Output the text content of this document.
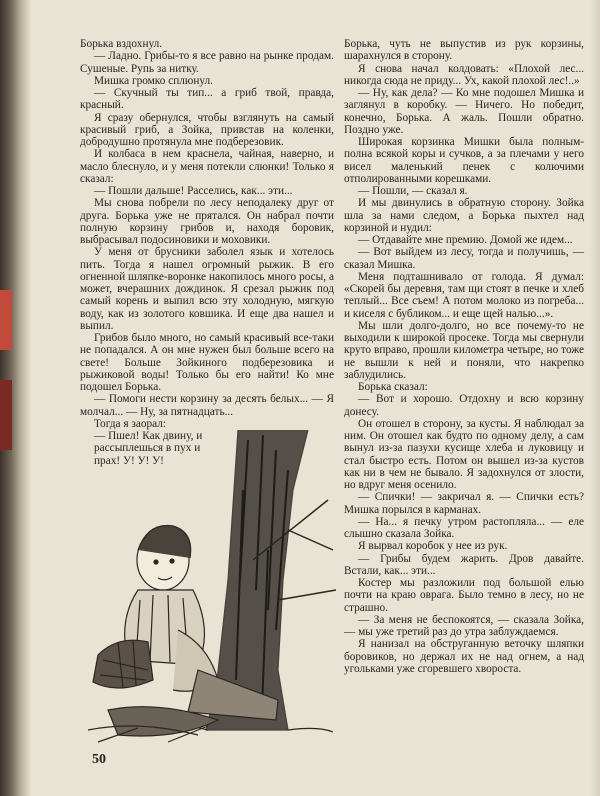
Борька вздохнул.

— Ладно. Грибы-то я все равно на рынке продам. Сушеные. Рупь за нитку.

Мишка громко сплюнул.

— Скучный ты тип... а гриб твой, правда, красный.

Я сразу обернулся, чтобы взглянуть на самый красивый гриб, а Зойка, привстав на коленки, добродушно протянула мне подберезовик.

И колбаса в нем краснела, чайная, наверно, и масло блеснуло, и у меня потекли слюнки! Только я сказал:

— Пошли дальше! Расселись, как... эти...

Мы снова побрели по лесу неподалеку друг от друга. Борька уже не прятался. Он набрал почти полную корзину грибов и, находя боровик, выбрасывал подосиновики и моховики.

У меня от брусники заболел язык и хотелось пить. Тогда я нашел огромный рыжик. В его огненной шляпке-воронке накопилось много росы, а может, вчерашних дождинок. Я срезал рыжик под самый корень и выпил всю эту холодную, мягкую воду, как из золотого ковшика. И еще два нашел и выпил.

Грибов было много, но самый красивый все-таки не попадался. А он мне нужен был больше всего на свете! Больше Зойкиного подберезовика и рыжиковой воды! Только бы его найти! Ко мне подошел Борька.

— Помоги нести корзину за десять белых... — Я молчал... — Ну, за пятнадцать...

Тогда я заорал:

— Пшел! Как двину, и рассыплешься в пух и прах! У! У! У!

Борька, чуть не выпустив из рук корзины, шарахнулся в сторону.

Я снова начал колдовать: «Плохой лес... никогда сюда не приду... Ух, какой плохой лес!..»

— Ну, как дела? — Ко мне подошел Мишка и заглянул в коробку. — Ничего. Но победит, конечно, Борька. А жаль. Пошли обратно. Поздно уже.

Широкая корзинка Мишки была полным-полна всякой коры и сучков, а за плечами у него висел маленький пенек с колючими отполированными корешками.

— Пошли, — сказал я.

И мы двинулись в обратную сторону. Зойка шла за нами следом, а Борька пыхтел над корзиной и нудил:

— Отдавайте мне премию. Домой же идем...

— Вот выйдем из лесу, тогда и получишь, — сказал Мишка.

Меня подташнивало от голода. Я думал: «Скорей бы деревня, там щи стоят в печке и хлеб теплый... Все съем! А потом молоко из погреба... и киселя с бубликом... и еще щей налью...».

Мы шли долго-долго, но все почему-то не выходили к широкой просеке. Тогда мы свернули круто вправо, прошли километра четыре, но тоже не вышли к ней и поняли, что накрепко заблудились.

Борька сказал:

— Вот и хорошо. Отдохну и всю корзину донесу.

Он отошел в сторону, за кусты. Я наблюдал за ним. Он отошел как будто по одному делу, а сам вынул из-за пазухи кусище хлеба и луковицу и стал быстро есть. Потом он вышел из-за кустов как ни в чем не бывало. Я задохнулся от злости, но вдруг меня осенило.

— Спички! — закричал я. — Спички есть? Мишка порылся в карманах.

— На... я печку утром растопляла... — еле слышно сказала Зойка.

Я вырвал коробок у нее из рук.

— Грибы будем жарить. Дров давайте. Встали, как... эти...

Костер мы разложили под большой елью почти на краю оврага. Было темно в лесу, но не страшно.

— За меня не беспокоятся, — сказала Зойка, — мы уже третий раз до утра заблуждаемся.

Я нанизал на обструганную веточку шляпки боровиков, но держал их не над огнем, а над угольками уже сгоревшего хвороста.

50
